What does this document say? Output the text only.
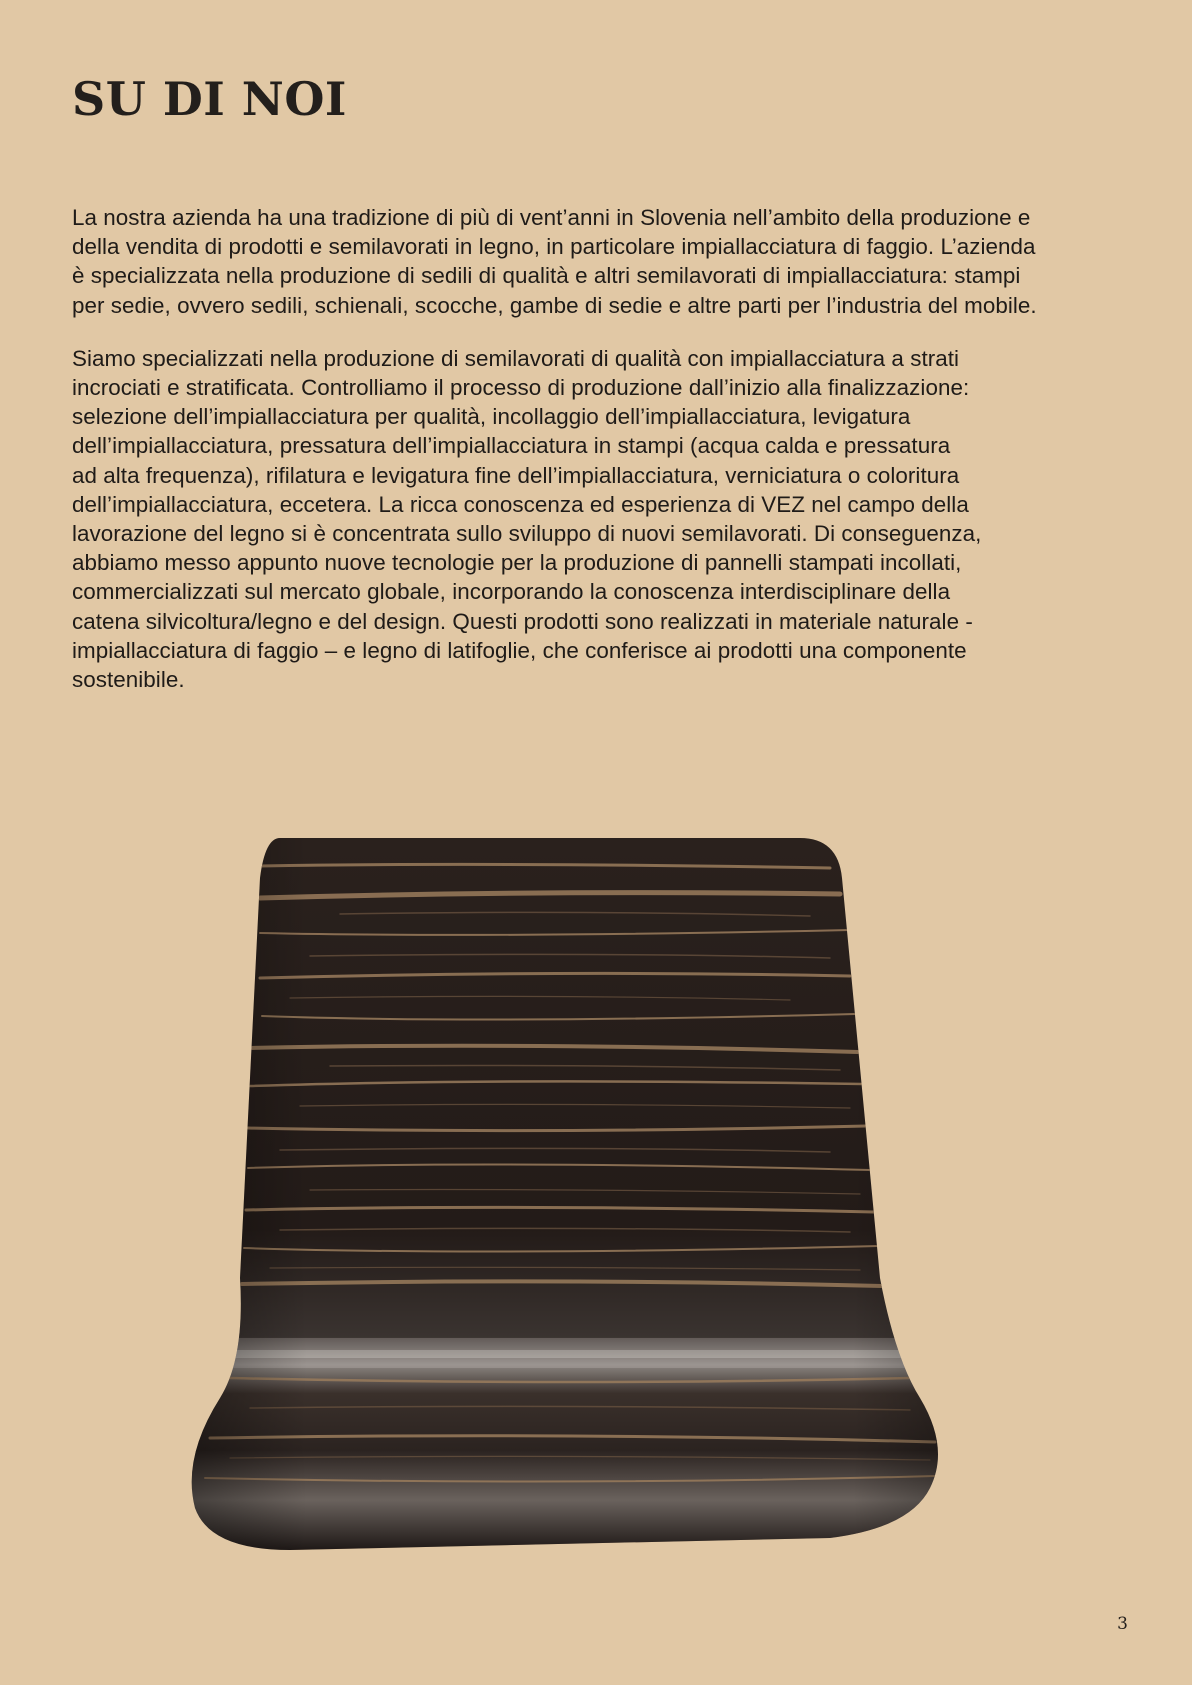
SU DI NOI

La nostra azienda ha una tradizione di più di vent’anni in Slovenia nell’ambito della produzione e
della vendita di prodotti e semilavorati in legno, in particolare impiallacciatura di faggio. L’azienda
è specializzata nella produzione di sedili di qualità e altri semilavorati di impiallacciatura: stampi
per sedie, ovvero sedili, schienali, scocche, gambe di sedie e altre parti per l’industria del mobile.

Siamo specializzati nella produzione di semilavorati di qualità con impiallacciatura a strati
incrociati e stratificata. Controlliamo il processo di produzione dall’inizio alla finalizzazione:
selezione dell’impiallacciatura per qualità, incollaggio dell’impiallacciatura, levigatura
dell’impiallacciatura, pressatura dell’impiallacciatura in stampi (acqua calda e pressatura
ad alta frequenza), rifilatura e levigatura fine dell’impiallacciatura, verniciatura o coloritura
dell’impiallacciatura, eccetera. La ricca conoscenza ed esperienza di VEZ nel campo della
lavorazione del legno si è concentrata sullo sviluppo di nuovi semilavorati. Di conseguenza,
abbiamo messo appunto nuove tecnologie per la produzione di pannelli stampati incollati,
commercializzati sul mercato globale, incorporando la conoscenza interdisciplinare della
catena silvicoltura/legno e del design. Questi prodotti sono realizzati in materiale naturale -
impiallacciatura di faggio – e legno di latifoglie, che conferisce ai prodotti una componente
sostenibile.

3
